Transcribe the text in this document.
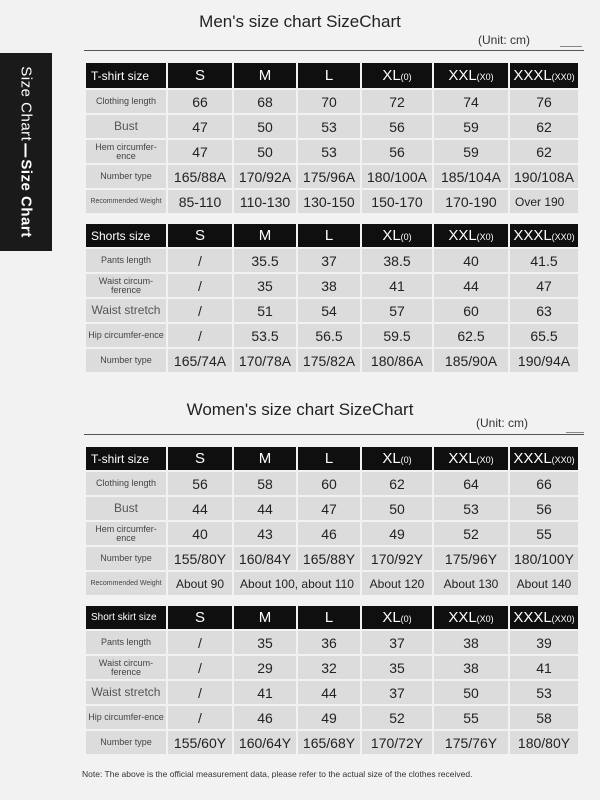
Size ChartSize Chart
Men's size chart SizeChart
(Unit: cm)
T-shirt size	S	M	L	XL(0)	XXL(X0)	XXXL(XX0)
Clothing length	66	68	70	72	74	76
Bust	47	50	53	56	59	62
Hem circumfer-ence	47	50	53	56	59	62
Number type	165/88A	170/92A	175/96A	180/100A	185/104A	190/108A
Recommended Weight	85-110	110-130	130-150	150-170	170-190	Over 190
Shorts size	S	M	L	XL(0)	XXL(X0)	XXXL(XX0)
Pants length	/	35.5	37	38.5	40	41.5
Waist circum-ference	/	35	38	41	44	47
Waist stretch	/	51	54	57	60	63
Hip circumfer-ence	/	53.5	56.5	59.5	62.5	65.5
Number type	165/74A	170/78A	175/82A	180/86A	185/90A	190/94A
Women's size chart SizeChart
(Unit: cm)
T-shirt size	S	M	L	XL(0)	XXL(X0)	XXXL(XX0)
Clothing length	56	58	60	62	64	66
Bust	44	44	47	50	53	56
Hem circumfer-ence	40	43	46	49	52	55
Number type	155/80Y	160/84Y	165/88Y	170/92Y	175/96Y	180/100Y
Recommended Weight	About 90	About 100, about 110		About 120	About 130	About 140
Short skirt size	S	M	L	XL(0)	XXL(X0)	XXXL(XX0)
Pants length	/	35	36	37	38	39
Waist circum-ference	/	29	32	35	38	41
Waist stretch	/	41	44	37	50	53
Hip circumfer-ence	/	46	49	52	55	58
Number type	155/60Y	160/64Y	165/68Y	170/72Y	175/76Y	180/80Y
Note: The above is the official measurement data, please refer to the actual size of the clothes received.
